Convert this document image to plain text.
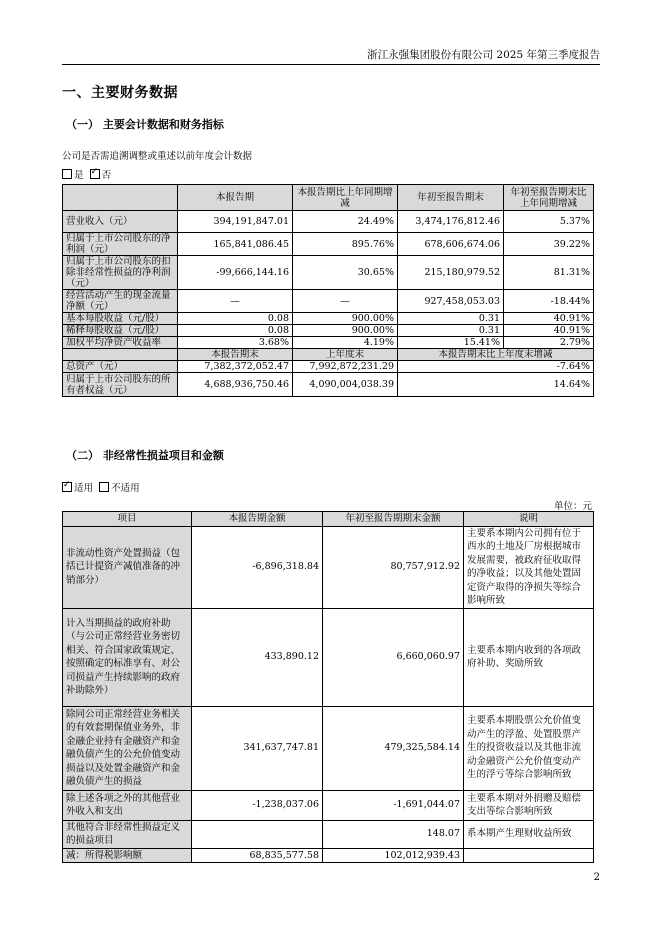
浙江永强集团股份有限公司 2025 年第三季度报告
一、主要财务数据
（一） 主要会计数据和财务指标
公司是否需追溯调整或重述以前年度会计数据
是 ✓ 否
	本报告期	本报告期比上年同期增减	年初至报告期末	年初至报告期末比上年同期增减
营业收入（元）	394,191,847.01	24.49%	3,474,176,812.46	5.37%
归属于上市公司股东的净利润（元）	165,841,086.45	895.76%	678,606,674.06	39.22%
归属于上市公司股东的扣除非经常性损益的净利润（元）	-99,666,144.16	30.65%	215,180,979.52	81.31%
经营活动产生的现金流量净额（元）	—	—	927,458,053.03	-18.44%
基本每股收益（元/股）	0.08	900.00%	0.31	40.91%
稀释每股收益（元/股）	0.08	900.00%	0.31	40.91%
加权平均净资产收益率	3.68%	4.19%	15.41%	2.79%
	本报告期末	上年度末	本报告期末比上年度末增减	
总资产（元）	7,382,372,052.47	7,992,872,231.29	-7.64%	
归属于上市公司股东的所有者权益（元）	4,688,936,750.46	4,090,004,038.39	14.64%	
（二） 非经常性损益项目和金额
✓适用 不适用
单位：元
项目	本报告期金额	年初至报告期期末金额	说明
非流动性资产处置损益（包括已计提资产减值准备的冲销部分）	-6,896,318.84	80,757,912.92	主要系本期内公司拥有位于西水的土地及厂房根据城市发展需要，被政府征收取得的净收益；以及其他处置固定资产取得的净损失等综合影响所致
计入当期损益的政府补助（与公司正常经营业务密切相关、符合国家政策规定、按照确定的标准享有、对公司损益产生持续影响的政府补助除外）	433,890.12	6,660,060.97	主要系本期内收到的各项政府补助、奖励所致
除同公司正常经营业务相关的有效套期保值业务外，非金融企业持有金融资产和金融负债产生的公允价值变动损益以及处置金融资产和金融负债产生的损益	341,637,747.81	479,325,584.14	主要系本期股票公允价值变动产生的浮盈、处置股票产生的投资收益以及其他非流动金融资产公允价值变动产生的浮亏等综合影响所致
除上述各项之外的其他营业外收入和支出	-1,238,037.06	-1,691,044.07	主要系本期对外捐赠及赔偿支出等综合影响所致
其他符合非经常性损益定义的损益项目		148.07	系本期产生理财收益所致
减：所得税影响额	68,835,577.58	102,012,939.43	
2
